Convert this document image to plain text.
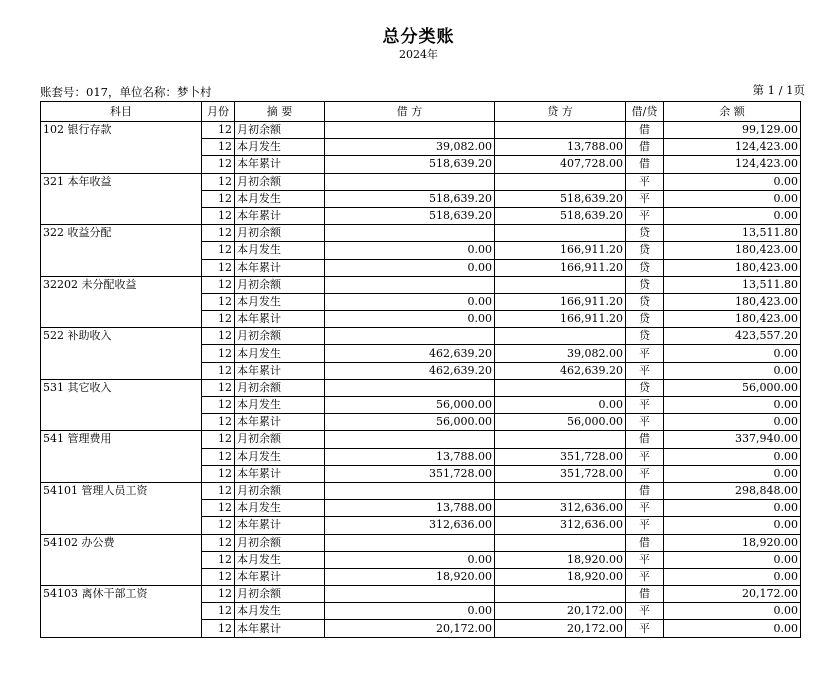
总分类账
2024年
账套号：017，单位名称：梦卜村	第 1 / 1页
科目	月份	摘 要	借 方	贷 方	借/贷	余 额
102 银行存款	12	月初余额			借	99,129.00
	12	本月发生	39,082.00	13,788.00	借	124,423.00
	12	本年累计	518,639.20	407,728.00	借	124,423.00
321 本年收益	12	月初余额			平	0.00
	12	本月发生	518,639.20	518,639.20	平	0.00
	12	本年累计	518,639.20	518,639.20	平	0.00
322 收益分配	12	月初余额			贷	13,511.80
	12	本月发生	0.00	166,911.20	贷	180,423.00
	12	本年累计	0.00	166,911.20	贷	180,423.00
32202 未分配收益	12	月初余额			贷	13,511.80
	12	本月发生	0.00	166,911.20	贷	180,423.00
	12	本年累计	0.00	166,911.20	贷	180,423.00
522 补助收入	12	月初余额			贷	423,557.20
	12	本月发生	462,639.20	39,082.00	平	0.00
	12	本年累计	462,639.20	462,639.20	平	0.00
531 其它收入	12	月初余额			贷	56,000.00
	12	本月发生	56,000.00	0.00	平	0.00
	12	本年累计	56,000.00	56,000.00	平	0.00
541 管理费用	12	月初余额			借	337,940.00
	12	本月发生	13,788.00	351,728.00	平	0.00
	12	本年累计	351,728.00	351,728.00	平	0.00
54101 管理人员工资	12	月初余额			借	298,848.00
	12	本月发生	13,788.00	312,636.00	平	0.00
	12	本年累计	312,636.00	312,636.00	平	0.00
54102 办公费	12	月初余额			借	18,920.00
	12	本月发生	0.00	18,920.00	平	0.00
	12	本年累计	18,920.00	18,920.00	平	0.00
54103 离休干部工资	12	月初余额			借	20,172.00
	12	本月发生	0.00	20,172.00	平	0.00
	12	本年累计	20,172.00	20,172.00	平	0.00
